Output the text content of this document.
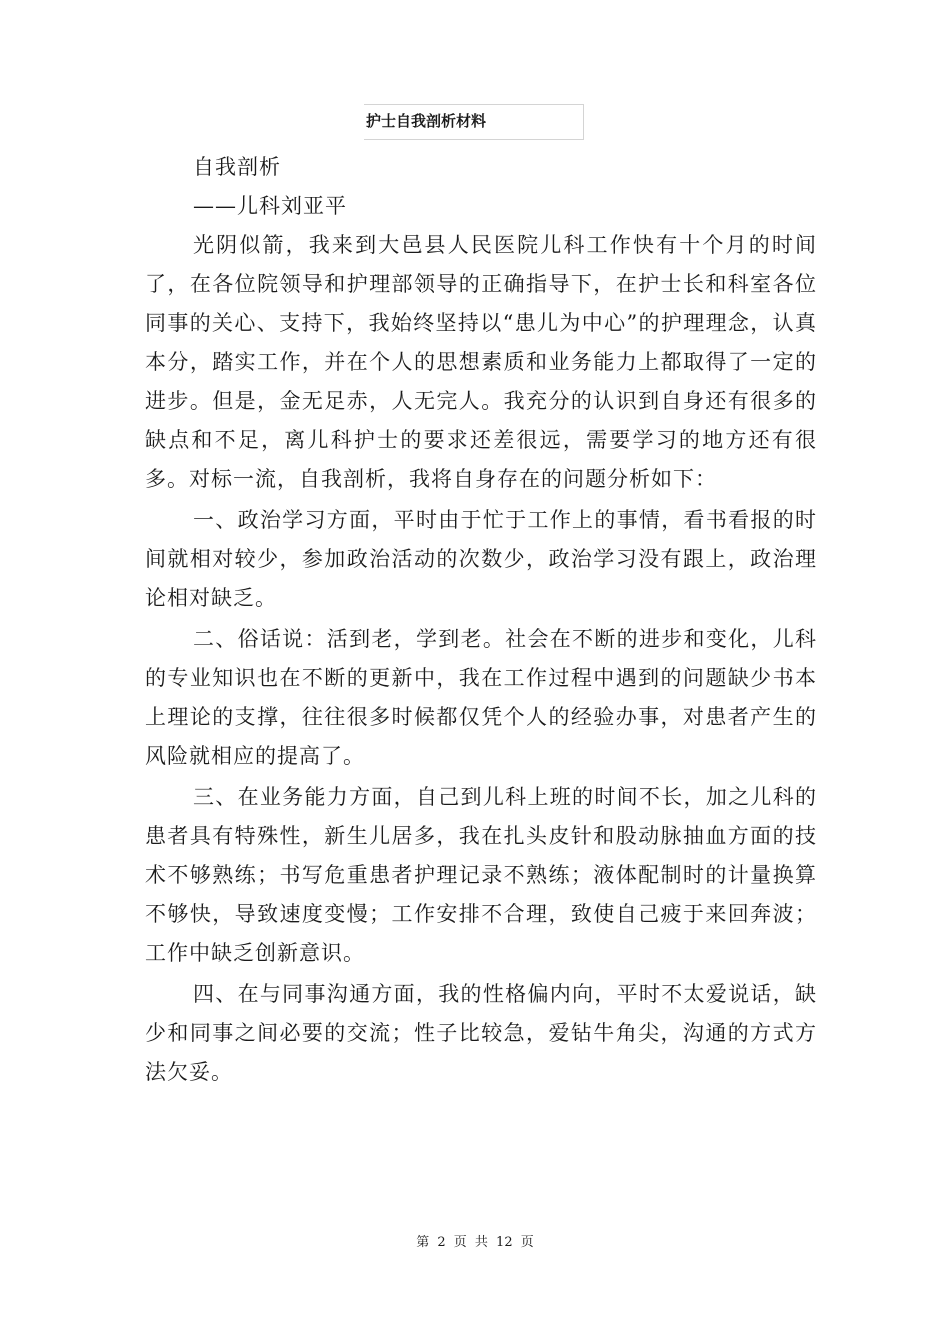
护士自我剖析材料

自我剖析

——儿科刘亚平

光阴似箭，我来到大邑县人民医院儿科工作快有十个月的时间了，在各位院领导和护理部领导的正确指导下，在护士长和科室各位同事的关心、支持下，我始终坚持以“患儿为中心”的护理理念，认真本分，踏实工作，并在个人的思想素质和业务能力上都取得了一定的进步。但是，金无足赤，人无完人。我充分的认识到自身还有很多的缺点和不足，离儿科护士的要求还差很远，需要学习的地方还有很多。对标一流，自我剖析，我将自身存在的问题分析如下：

一、政治学习方面，平时由于忙于工作上的事情，看书看报的时间就相对较少，参加政治活动的次数少，政治学习没有跟上，政治理论相对缺乏。

二、俗话说：活到老，学到老。社会在不断的进步和变化，儿科的专业知识也在不断的更新中，我在工作过程中遇到的问题缺少书本上理论的支撑，往往很多时候都仅凭个人的经验办事，对患者产生的风险就相应的提高了。

三、在业务能力方面，自己到儿科上班的时间不长，加之儿科的患者具有特殊性，新生儿居多，我在扎头皮针和股动脉抽血方面的技术不够熟练；书写危重患者护理记录不熟练；液体配制时的计量换算不够快，导致速度变慢；工作安排不合理，致使自己疲于来回奔波；工作中缺乏创新意识。

四、在与同事沟通方面，我的性格偏内向，平时不太爱说话，缺少和同事之间必要的交流；性子比较急，爱钻牛角尖，沟通的方式方法欠妥。

第 2 页 共 12 页
